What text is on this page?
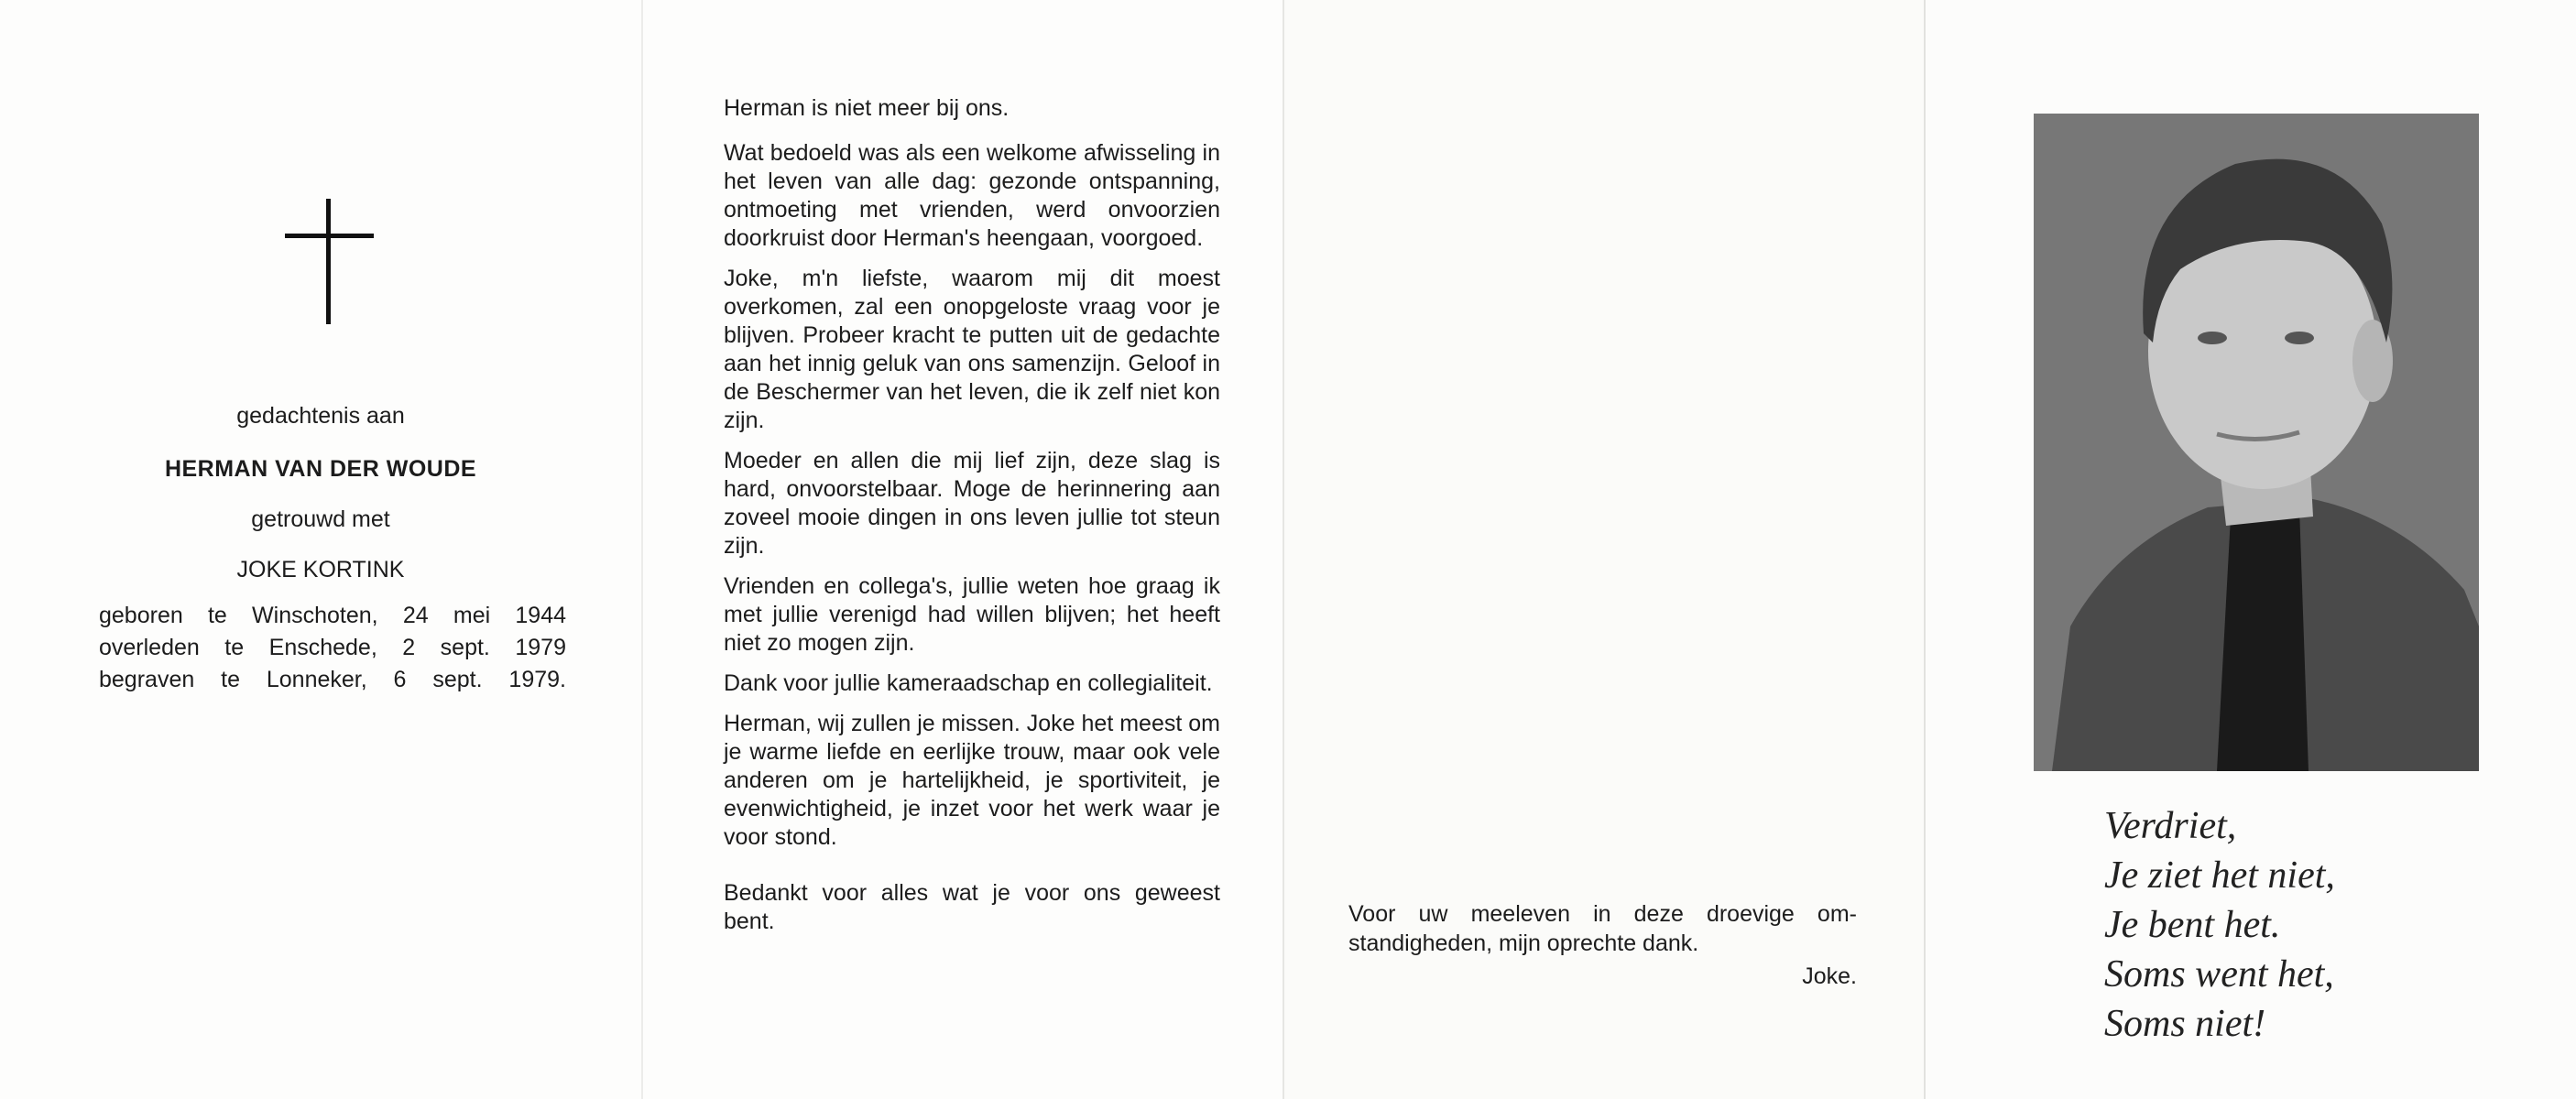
gedachtenis aan
HERMAN VAN DER WOUDE
getrouwd met
JOKE KORTINK
geboren te Winschoten, 24 mei 1944
overleden te Enschede, 2 sept. 1979
begraven te Lonneker, 6 sept. 1979.

Herman is niet meer bij ons.

Wat bedoeld was als een welkome afwisseling in het leven van alle dag: gezonde ontspanning, ontmoeting met vrienden, werd onvoorzien doorkruist door Herman's heengaan, voorgoed.

Joke, m'n liefste, waarom mij dit moest overkomen, zal een onopgeloste vraag voor je blijven. Probeer kracht te putten uit de gedachte aan het innig geluk van ons samenzijn. Geloof in de Beschermer van het leven, die ik zelf niet kon zijn.

Moeder en allen die mij lief zijn, deze slag is hard, onvoorstelbaar. Moge de herinnering aan zoveel mooie dingen in ons leven jullie tot steun zijn.

Vrienden en collega's, jullie weten hoe graag ik met jullie verenigd had willen blijven; het heeft niet zo mogen zijn.

Dank voor jullie kameraadschap en collegialiteit.

Herman, wij zullen je missen. Joke het meest om je warme liefde en eerlijke trouw, maar ook vele anderen om je hartelijkheid, je sportiviteit, je evenwichtigheid, je inzet voor het werk waar je voor stond.

Bedankt voor alles wat je voor ons geweest bent.	Voor uw meeleven in deze droevige om-
standigheden, mijn oprechte dank.
Joke.
Verdriet,
Je ziet het niet,
Je bent het.
Soms went het,
Soms niet!
